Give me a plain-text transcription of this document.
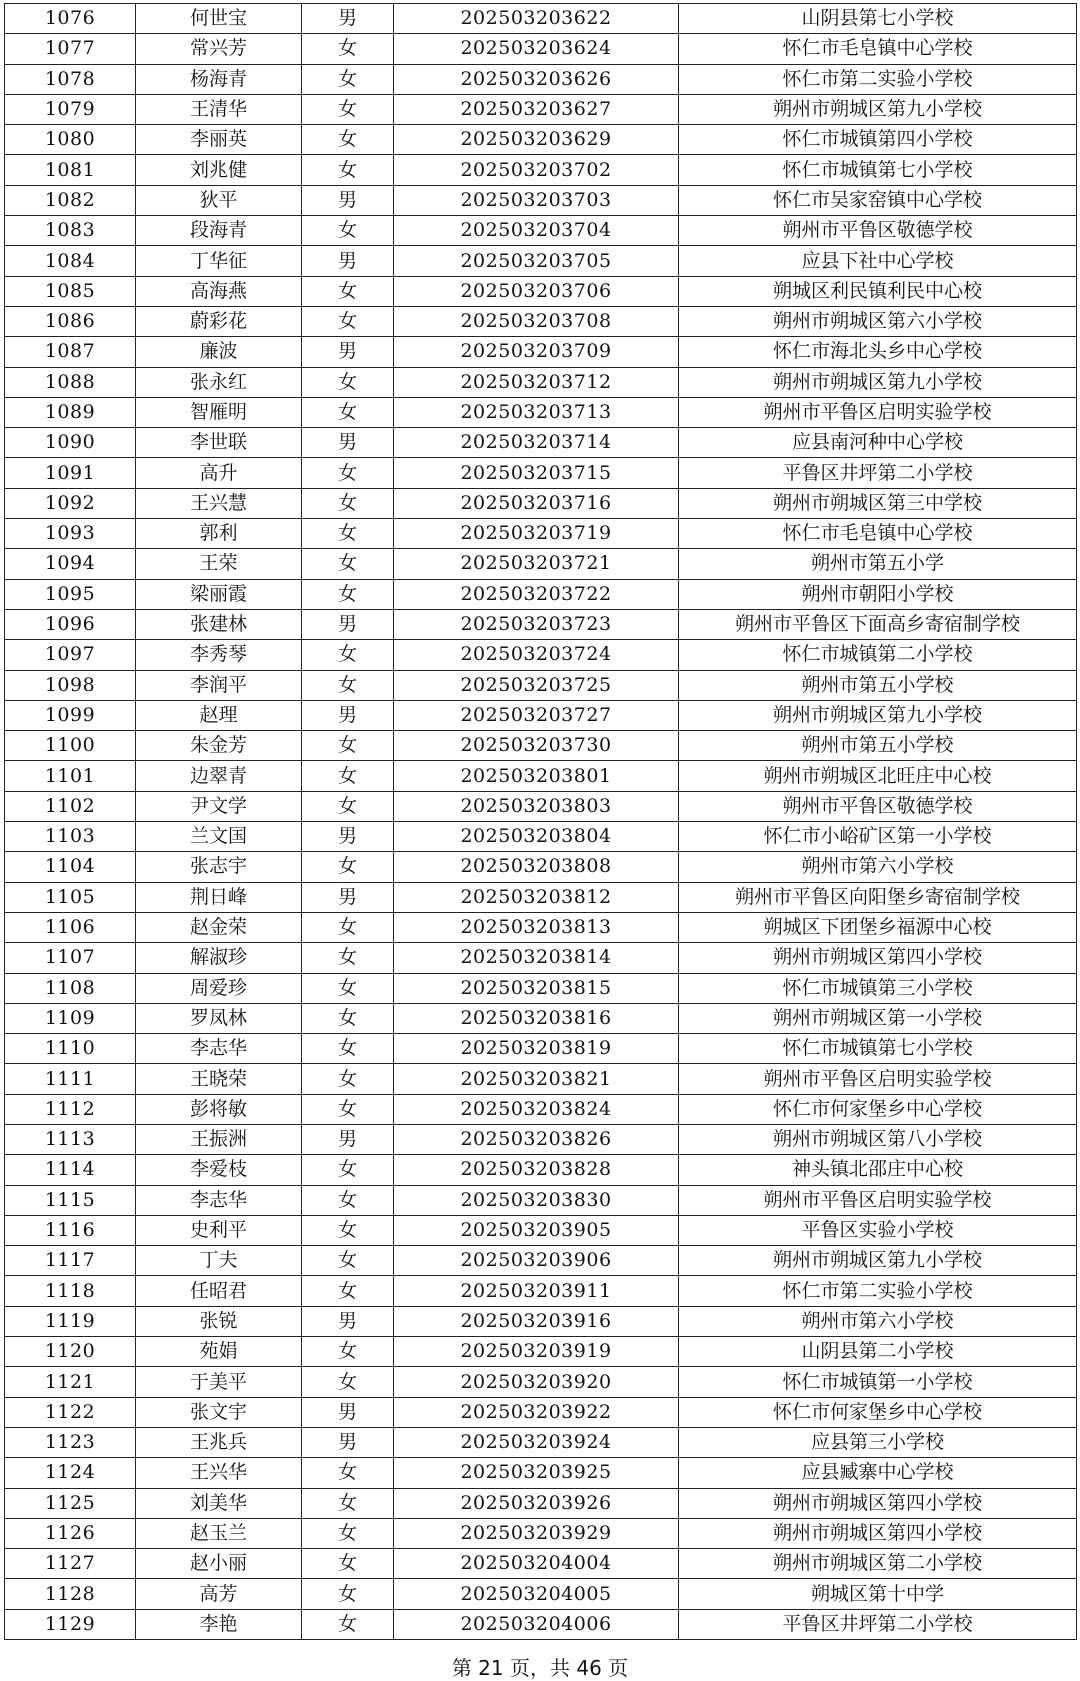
1076	何世宝	男	202503203622	山阴县第七小学校
1077	常兴芳	女	202503203624	怀仁市毛皂镇中心学校
1078	杨海青	女	202503203626	怀仁市第二实验小学校
1079	王清华	女	202503203627	朔州市朔城区第九小学校
1080	李丽英	女	202503203629	怀仁市城镇第四小学校
1081	刘兆健	女	202503203702	怀仁市城镇第七小学校
1082	狄平	男	202503203703	怀仁市吴家窑镇中心学校
1083	段海青	女	202503203704	朔州市平鲁区敬德学校
1084	丁华征	男	202503203705	应县下社中心学校
1085	高海燕	女	202503203706	朔城区利民镇利民中心校
1086	蔚彩花	女	202503203708	朔州市朔城区第六小学校
1087	廉波	男	202503203709	怀仁市海北头乡中心学校
1088	张永红	女	202503203712	朔州市朔城区第九小学校
1089	智雁明	女	202503203713	朔州市平鲁区启明实验学校
1090	李世联	男	202503203714	应县南河种中心学校
1091	高升	女	202503203715	平鲁区井坪第二小学校
1092	王兴慧	女	202503203716	朔州市朔城区第三中学校
1093	郭利	女	202503203719	怀仁市毛皂镇中心学校
1094	王荣	女	202503203721	朔州市第五小学
1095	梁丽霞	女	202503203722	朔州市朝阳小学校
1096	张建林	男	202503203723	朔州市平鲁区下面高乡寄宿制学校
1097	李秀琴	女	202503203724	怀仁市城镇第二小学校
1098	李润平	女	202503203725	朔州市第五小学校
1099	赵理	男	202503203727	朔州市朔城区第九小学校
1100	朱金芳	女	202503203730	朔州市第五小学校
1101	边翠青	女	202503203801	朔州市朔城区北旺庄中心校
1102	尹文学	女	202503203803	朔州市平鲁区敬德学校
1103	兰文国	男	202503203804	怀仁市小峪矿区第一小学校
1104	张志宇	女	202503203808	朔州市第六小学校
1105	荆日峰	男	202503203812	朔州市平鲁区向阳堡乡寄宿制学校
1106	赵金荣	女	202503203813	朔城区下团堡乡福源中心校
1107	解淑珍	女	202503203814	朔州市朔城区第四小学校
1108	周爱珍	女	202503203815	怀仁市城镇第三小学校
1109	罗凤林	女	202503203816	朔州市朔城区第一小学校
1110	李志华	女	202503203819	怀仁市城镇第七小学校
1111	王晓荣	女	202503203821	朔州市平鲁区启明实验学校
1112	彭将敏	女	202503203824	怀仁市何家堡乡中心学校
1113	王振洲	男	202503203826	朔州市朔城区第八小学校
1114	李爱枝	女	202503203828	神头镇北邵庄中心校
1115	李志华	女	202503203830	朔州市平鲁区启明实验学校
1116	史利平	女	202503203905	平鲁区实验小学校
1117	丁夫	女	202503203906	朔州市朔城区第九小学校
1118	任昭君	女	202503203911	怀仁市第二实验小学校
1119	张锐	男	202503203916	朔州市第六小学校
1120	苑娟	女	202503203919	山阴县第二小学校
1121	于美平	女	202503203920	怀仁市城镇第一小学校
1122	张文宇	男	202503203922	怀仁市何家堡乡中心学校
1123	王兆兵	男	202503203924	应县第三小学校
1124	王兴华	女	202503203925	应县臧寨中心学校
1125	刘美华	女	202503203926	朔州市朔城区第四小学校
1126	赵玉兰	女	202503203929	朔州市朔城区第四小学校
1127	赵小丽	女	202503204004	朔州市朔城区第二小学校
1128	高芳	女	202503204005	朔城区第十中学
1129	李艳	女	202503204006	平鲁区井坪第二小学校
第 21 页，共 46 页
